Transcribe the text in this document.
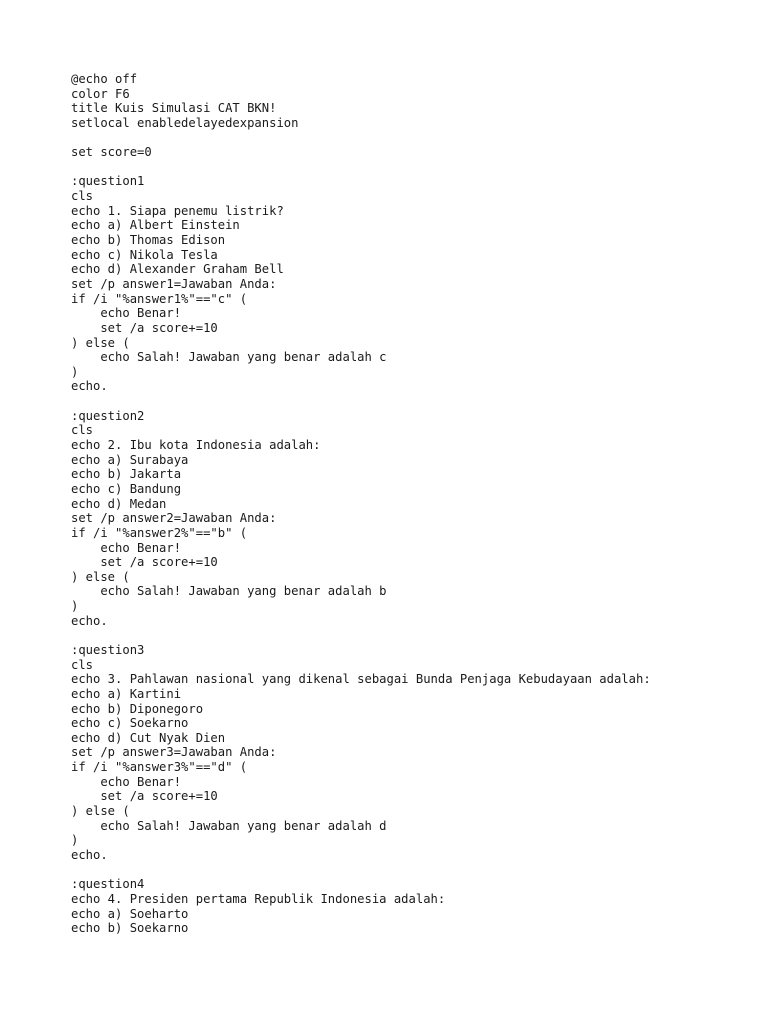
@echo off
color F6
title Kuis Simulasi CAT BKN!
setlocal enabledelayedexpansion
set score=0
:question1
cls
echo 1. Siapa penemu listrik?
echo a) Albert Einstein
echo b) Thomas Edison
echo c) Nikola Tesla
echo d) Alexander Graham Bell
set /p answer1=Jawaban Anda:
if /i "%answer1%"=="c" (
echo Benar!
set /a score+=10
) else (
echo Salah! Jawaban yang benar adalah c
)
echo.
:question2
cls
echo 2. Ibu kota Indonesia adalah:
echo a) Surabaya
echo b) Jakarta
echo c) Bandung
echo d) Medan
set /p answer2=Jawaban Anda:
if /i "%answer2%"=="b" (
echo Benar!
set /a score+=10
) else (
echo Salah! Jawaban yang benar adalah b
)
echo.
:question3
cls
echo 3. Pahlawan nasional yang dikenal sebagai Bunda Penjaga Kebudayaan adalah:
echo a) Kartini
echo b) Diponegoro
echo c) Soekarno
echo d) Cut Nyak Dien
set /p answer3=Jawaban Anda:
if /i "%answer3%"=="d" (
echo Benar!
set /a score+=10
) else (
echo Salah! Jawaban yang benar adalah d
)
echo.
:question4
echo 4. Presiden pertama Republik Indonesia adalah:
echo a) Soeharto
echo b) Soekarno
